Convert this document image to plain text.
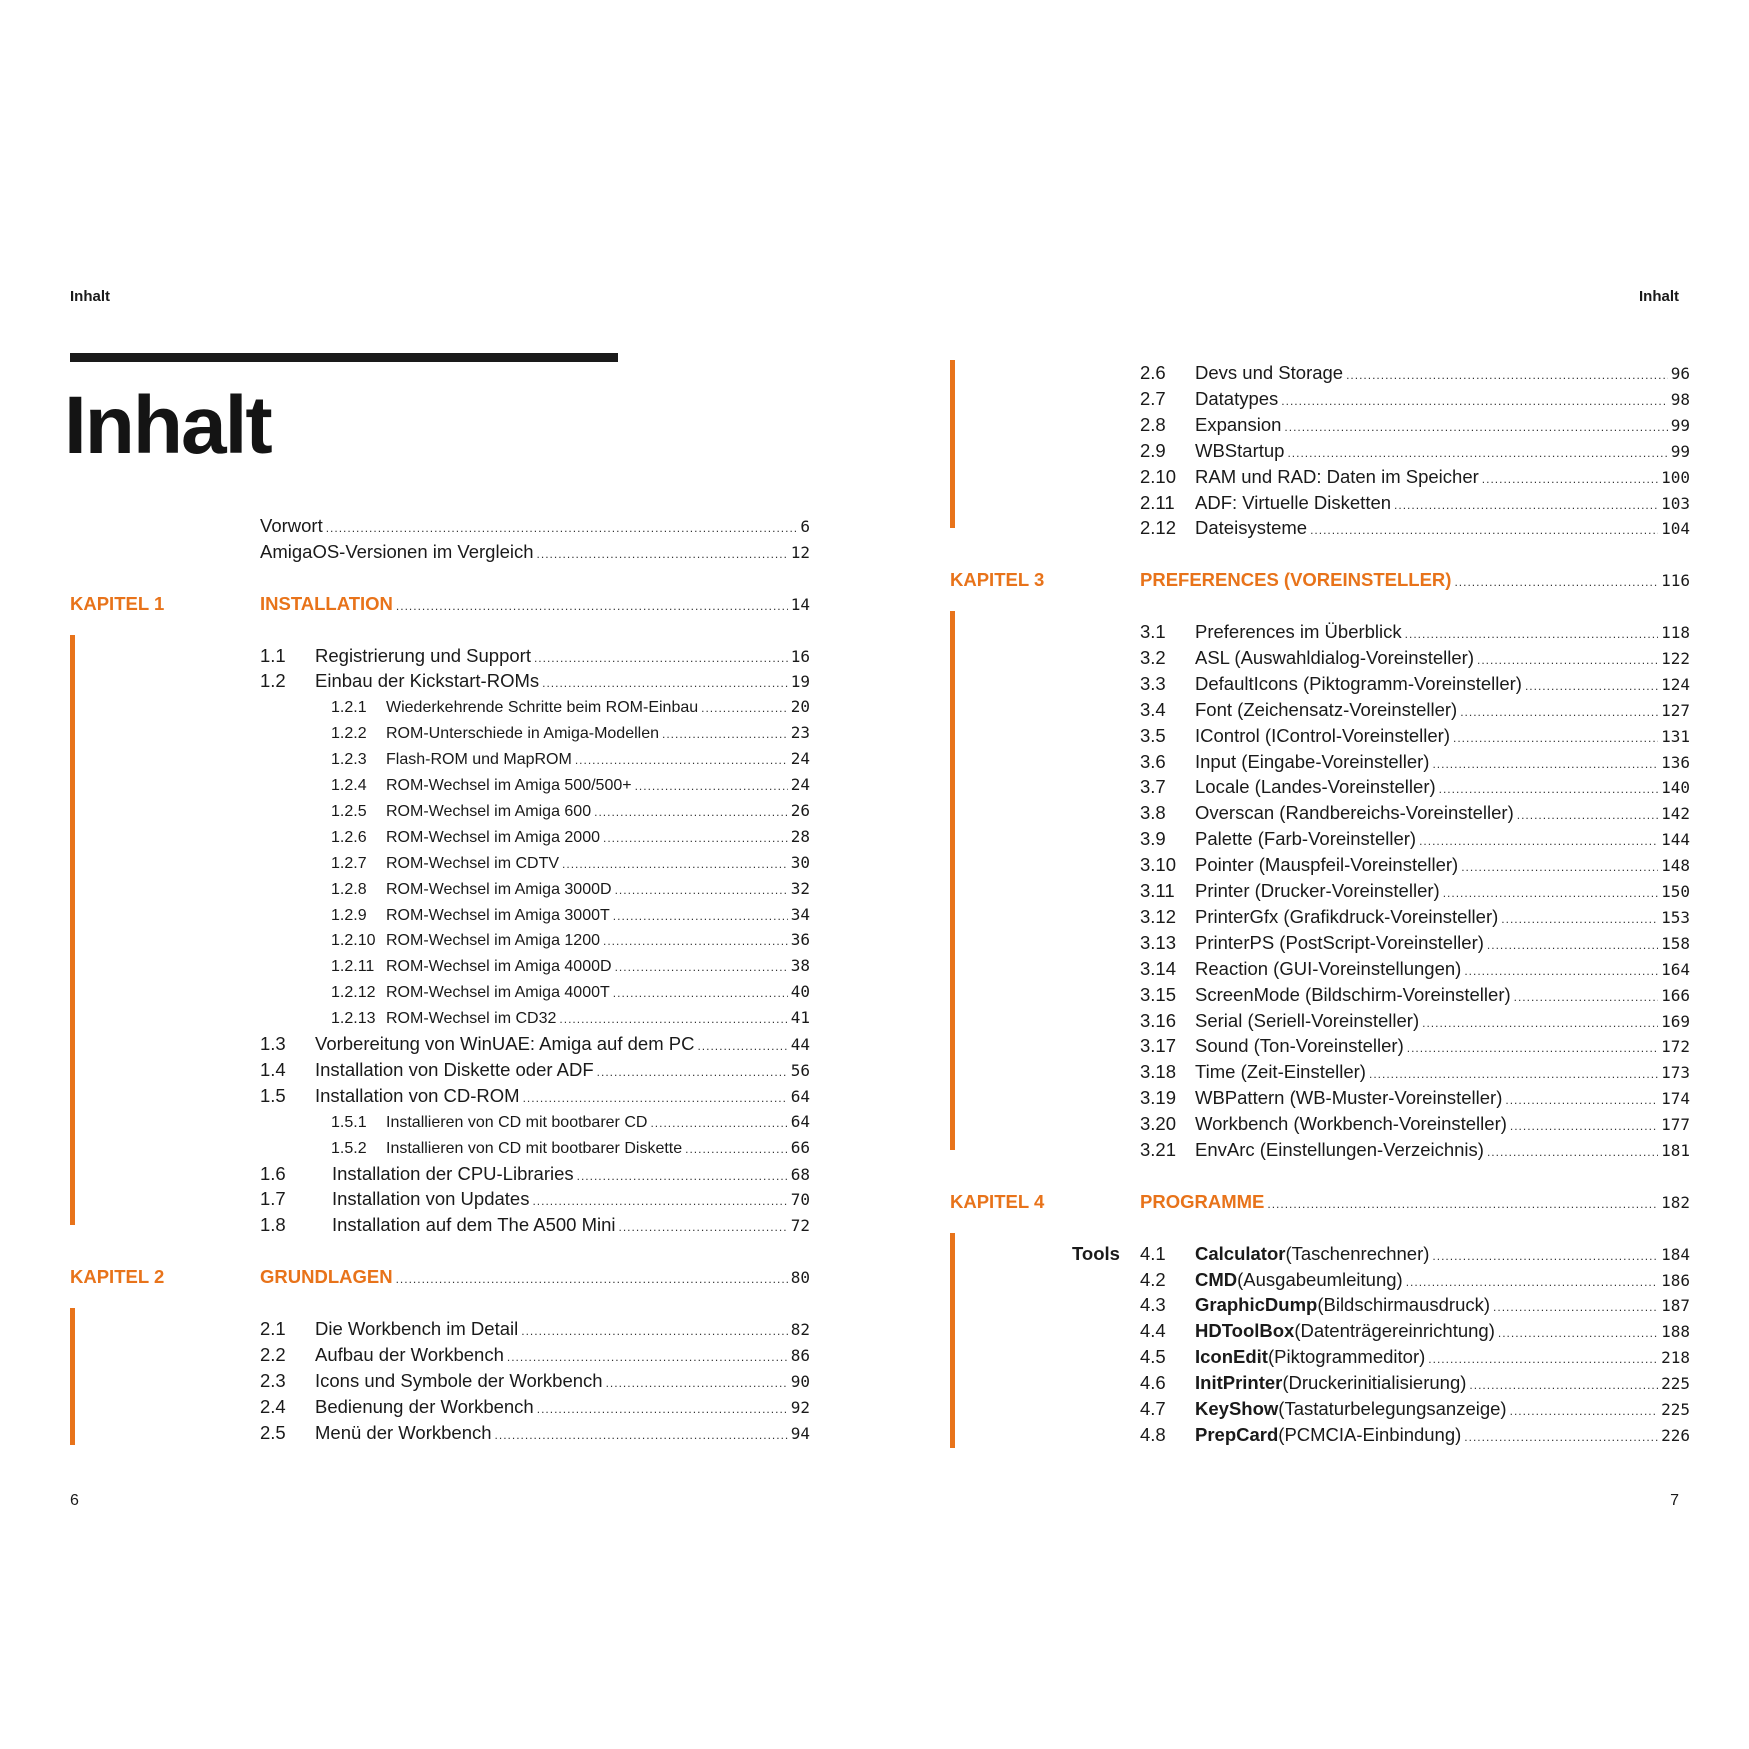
Inhalt	Inhalt
Inhalt
Vorwort .....	6
AmigaOS-Versionen im Vergleich .....	12
KAPITEL 1	INSTALLATION .....	14
1.1	Registrierung und Support .....	16
1.2	Einbau der Kickstart-ROMs .....	19
1.2.1	Wiederkehrende Schritte beim ROM-Einbau .....	20
1.2.2	ROM-Unterschiede in Amiga-Modellen .....	23
1.2.3	Flash-ROM und MapROM .....	24
1.2.4	ROM-Wechsel im Amiga 500/500+ .....	24
1.2.5	ROM-Wechsel im Amiga 600 .....	26
1.2.6	ROM-Wechsel im Amiga 2000 .....	28
1.2.7	ROM-Wechsel im CDTV .....	30
1.2.8	ROM-Wechsel im Amiga 3000D .....	32
1.2.9	ROM-Wechsel im Amiga 3000T .....	34
1.2.10 ROM-Wechsel im Amiga 1200 .....	36
1.2.11 ROM-Wechsel im Amiga 4000D .....	38
1.2.12 ROM-Wechsel im Amiga 4000T .....	40
1.2.13 ROM-Wechsel im CD32 .....	41
1.3	Vorbereitung von WinUAE: Amiga auf dem PC .....	44
1.4	Installation von Diskette oder ADF .....	56
1.5	Installation von CD-ROM .....	64
1.5.1	Installieren von CD mit bootbarer CD .....	64
1.5.2	Installieren von CD mit bootbarer Diskette .....	66
1.6	Installation der CPU-Libraries .....	68
1.7	Installation von Updates .....	70
1.8	Installation auf dem The A500 Mini .....	72
KAPITEL 2	GRUNDLAGEN .....	80
2.1	Die Workbench im Detail .....	82
2.2	Aufbau der Workbench .....	86
2.3	Icons und Symbole der Workbench .....	90
2.4	Bedienung der Workbench .....	92
2.5	Menü der Workbench .....	94
2.6	Devs und Storage .....	96
2.7	Datatypes .....	98
2.8	Expansion .....	99
2.9	WBStartup .....	99
2.10	RAM und RAD: Daten im Speicher .....	100
2.11	ADF: Virtuelle Disketten .....	103
2.12	Dateisysteme .....	104
KAPITEL 3	PREFERENCES (VOREINSTELLER) .....	116
3.1	Preferences im Überblick .....	118
3.2	ASL (Auswahldialog-Voreinsteller) .....	122
3.3	DefaultIcons (Piktogramm-Voreinsteller) .....	124
3.4	Font (Zeichensatz-Voreinsteller) .....	127
3.5	IControl (IControl-Voreinsteller) .....	131
3.6	Input (Eingabe-Voreinsteller) .....	136
3.7	Locale (Landes-Voreinsteller) .....	140
3.8	Overscan (Randbereichs-Voreinsteller) .....	142
3.9	Palette (Farb-Voreinsteller) .....	144
3.10	Pointer (Mauspfeil-Voreinsteller) .....	148
3.11	Printer (Drucker-Voreinsteller) .....	150
3.12	PrinterGfx (Grafikdruck-Voreinsteller) .....	153
3.13	PrinterPS (PostScript-Voreinsteller) .....	158
3.14	Reaction (GUI-Voreinstellungen) .....	164
3.15	ScreenMode (Bildschirm-Voreinsteller) .....	166
3.16	Serial (Seriell-Voreinsteller) .....	169
3.17	Sound (Ton-Voreinsteller) .....	172
3.18	Time (Zeit-Einsteller) .....	173
3.19	WBPattern (WB-Muster-Voreinsteller) .....	174
3.20	Workbench (Workbench-Voreinsteller) .....	177
3.21	EnvArc (Einstellungen-Verzeichnis) .....	181
KAPITEL 4	PROGRAMME .....	182
4.1	Calculator (Taschenrechner) .....	184
Tools
4.2	CMD (Ausgabeumleitung) .....	186
4.3	GraphicDump (Bildschirmausdruck) .....	187
4.4	HDToolBox (Datenträgereinrichtung) .....	188
4.5	IconEdit (Piktogrammeditor) .....	218
4.6	InitPrinter (Druckerinitialisierung) .....	225
4.7	KeyShow (Tastaturbelegungsanzeige) .....	225
4.8	PrepCard (PCMCIA-Einbindung) .....	226
6	7
